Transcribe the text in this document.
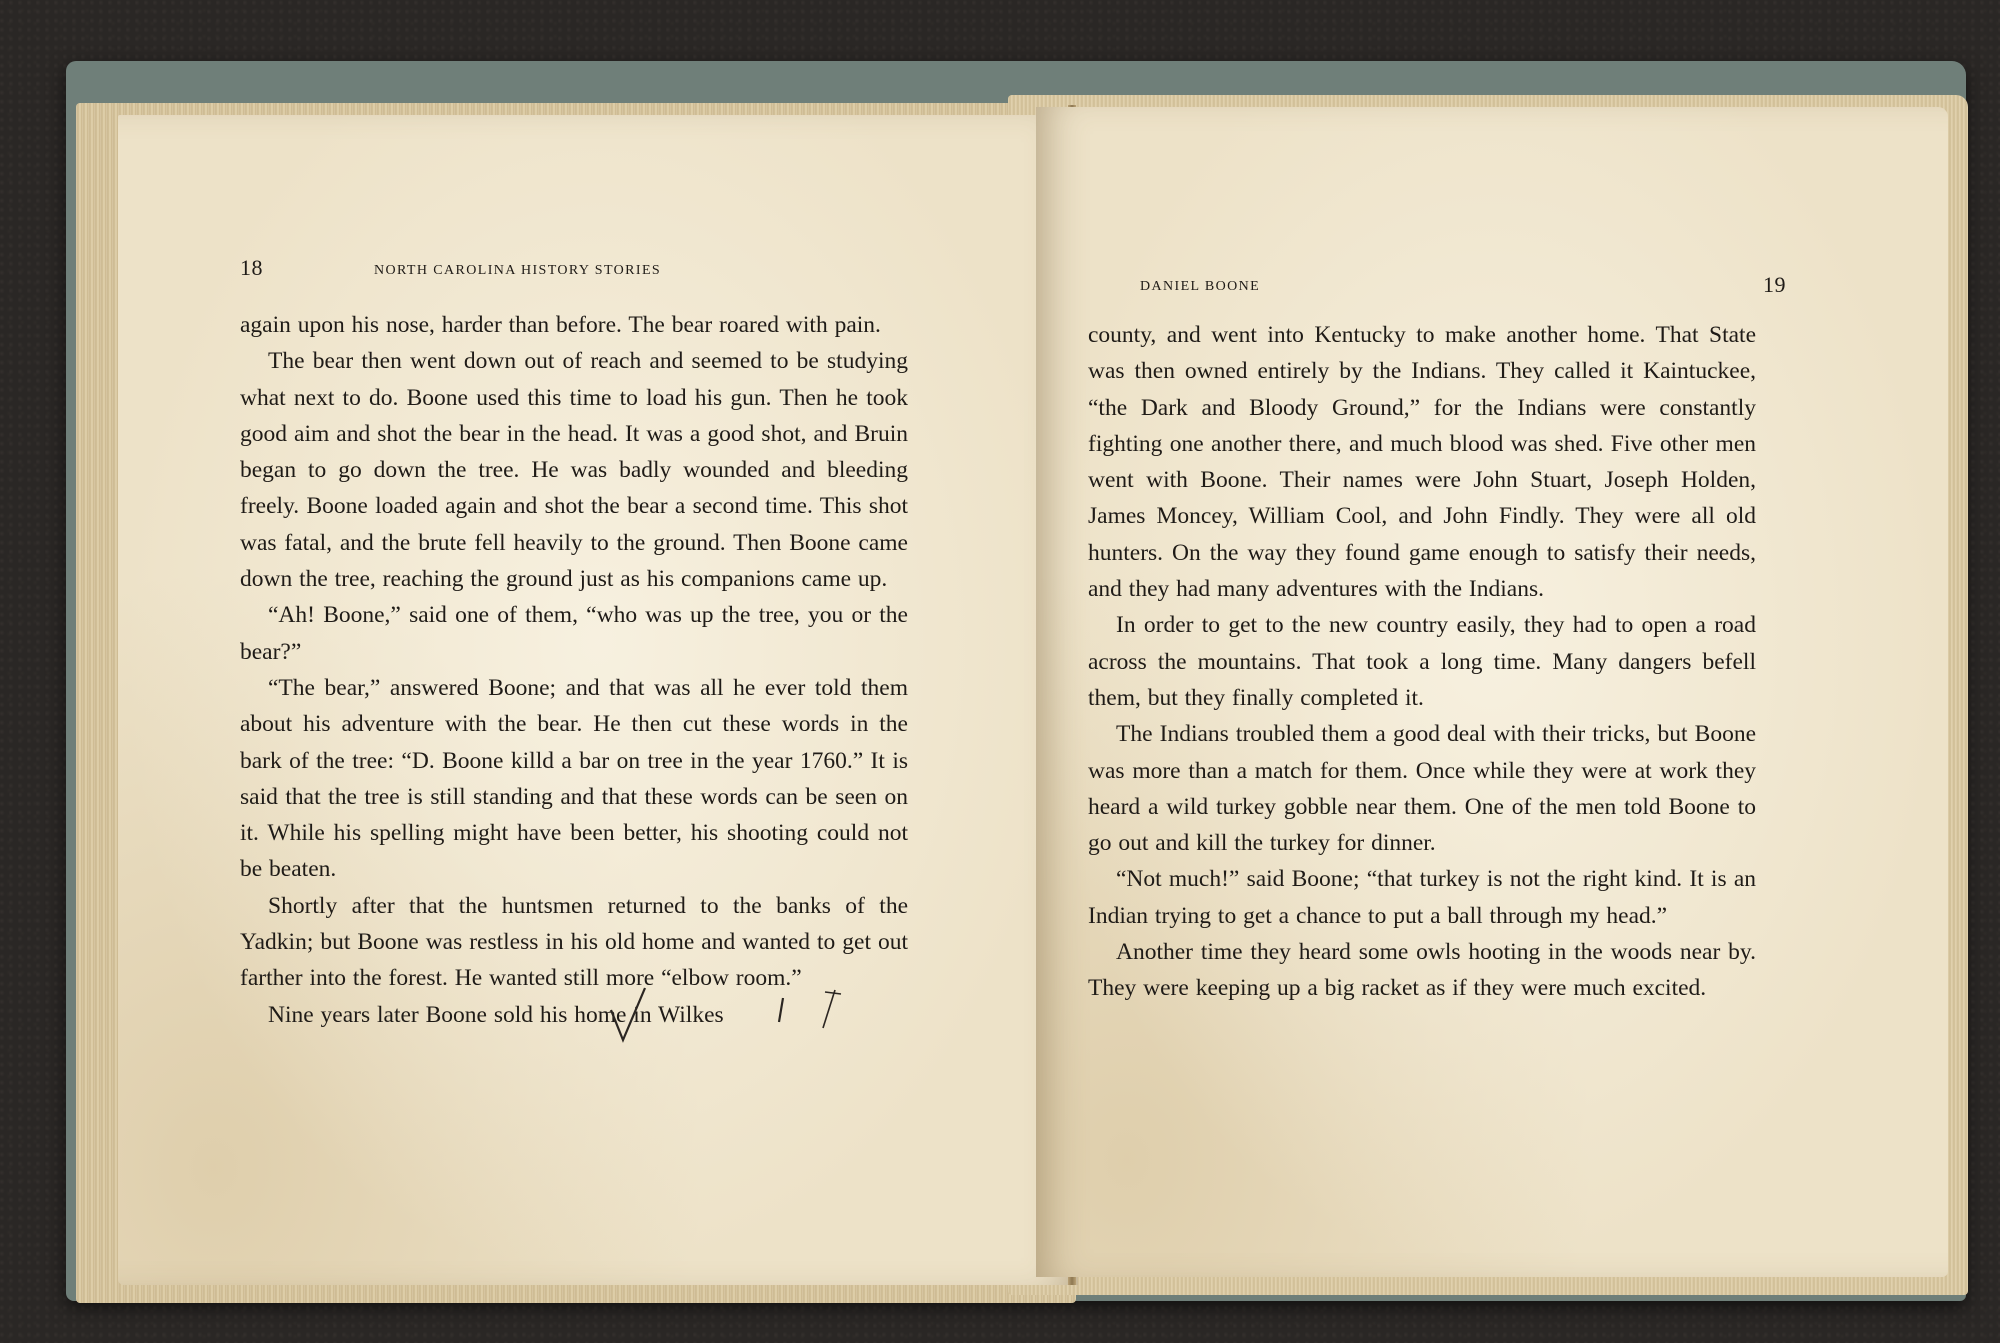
18	NORTH CAROLINA HISTORY STORIES

again upon his nose, harder than before. The bear roared with pain.

The bear then went down out of reach and seemed to be studying what next to do. Boone used this time to load his gun. Then he took good aim and shot the bear in the head. It was a good shot, and Bruin began to go down the tree. He was badly wounded and bleeding freely. Boone loaded again and shot the bear a second time. This shot was fatal, and the brute fell heavily to the ground. Then Boone came down the tree, reaching the ground just as his companions came up.

“Ah! Boone,” said one of them, “who was up the tree, you or the bear?”

“The bear,” answered Boone; and that was all he ever told them about his adventure with the bear. He then cut these words in the bark of the tree: “D. Boone killd a bar on tree in the year 1760.” It is said that the tree is still standing and that these words can be seen on it. While his spelling might have been better, his shooting could not be beaten.

Shortly after that the huntsmen returned to the banks of the Yadkin; but Boone was restless in his old home and wanted to get out farther into the forest. He wanted still more “elbow room.”

Nine years later Boone sold his home in Wilkes

DANIEL BOONE	19

county, and went into Kentucky to make another home. That State was then owned entirely by the Indians. They called it Kaintuckee, “the Dark and Bloody Ground,” for the Indians were constantly fighting one another there, and much blood was shed. Five other men went with Boone. Their names were John Stuart, Joseph Holden, James Moncey, William Cool, and John Findly. They were all old hunters. On the way they found game enough to satisfy their needs, and they had many adventures with the Indians.

In order to get to the new country easily, they had to open a road across the mountains. That took a long time. Many dangers befell them, but they finally completed it.

The Indians troubled them a good deal with their tricks, but Boone was more than a match for them. Once while they were at work they heard a wild turkey gobble near them. One of the men told Boone to go out and kill the turkey for dinner.

“Not much!” said Boone; “that turkey is not the right kind. It is an Indian trying to get a chance to put a ball through my head.”

Another time they heard some owls hooting in the woods near by. They were keeping up a big racket as if they were much excited.
